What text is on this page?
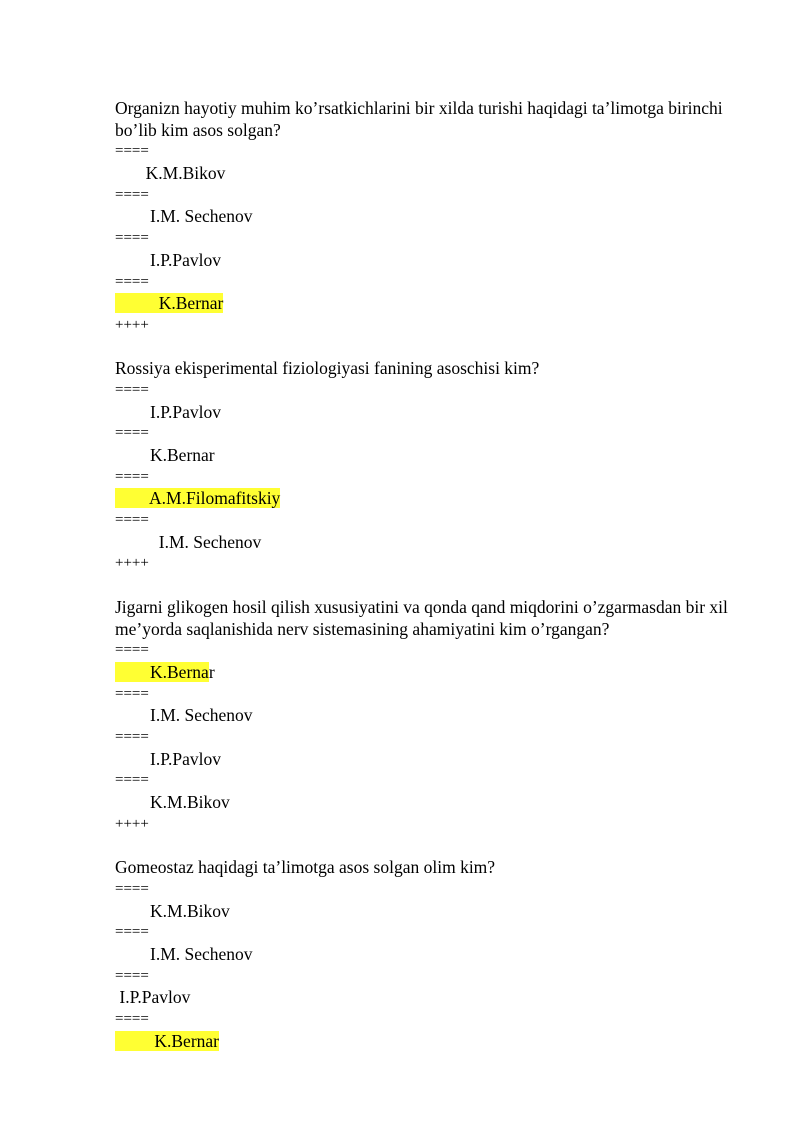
Organizn hayotiy muhim ko’rsatkichlarini bir xilda turishi haqidagi ta’limotga birinchi bo’lib kim asos solgan?
====
K.M.Bikov
====
I.M. Sechenov
====
I.P.Pavlov
====
K.Bernar
++++
Rossiya ekisperimental fiziologiyasi fanining asoschisi kim?
====
I.P.Pavlov
====
K.Bernar
====
A.M.Filomafitskiy
====
I.M. Sechenov
++++
Jigarni glikogen hosil qilish xususiyatini va qonda qand miqdorini o’zgarmasdan bir xil me’yorda saqlanishida nerv sistemasining ahamiyatini kim o’rgangan?
====
K.Bernar
====
I.M. Sechenov
====
I.P.Pavlov
====
K.M.Bikov
++++
Gomeostaz haqidagi ta’limotga asos solgan olim kim?
====
K.M.Bikov
====
I.M. Sechenov
====
I.P.Pavlov
====
K.Bernar
